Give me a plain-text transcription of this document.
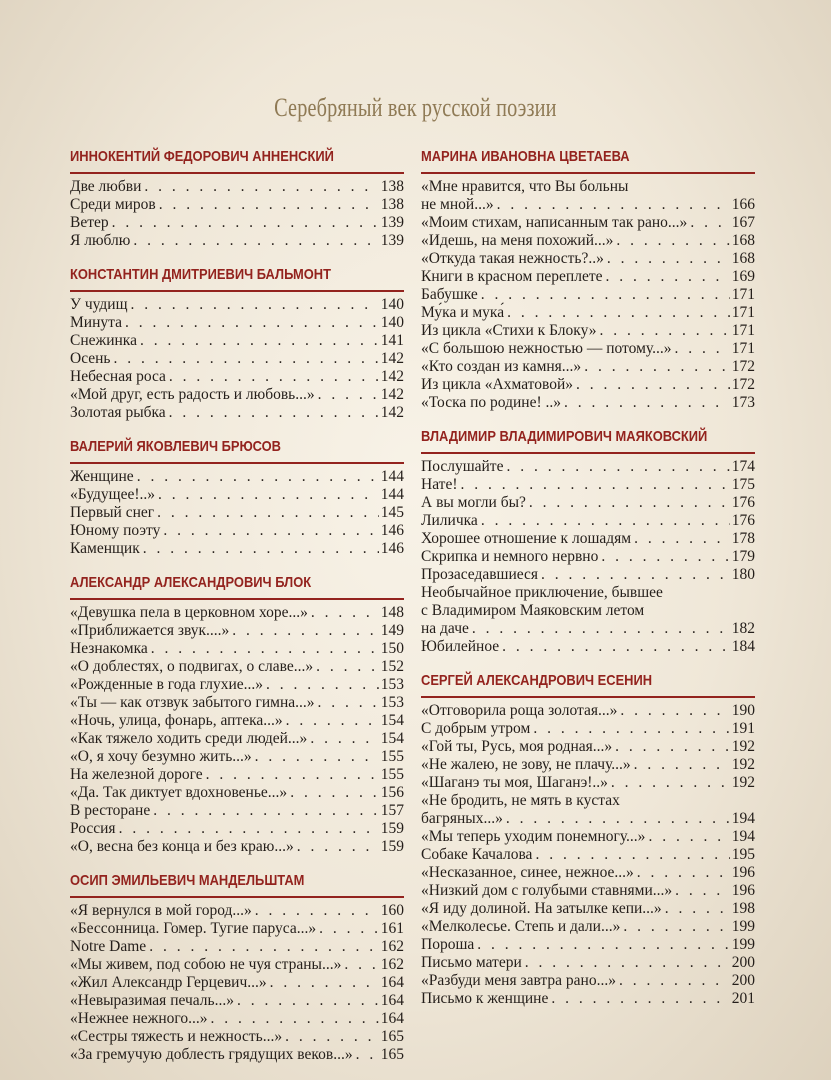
Серебряный век русской поэзии
ИННОКЕНТИЙ ФЕДОРОВИЧ АННЕНСКИЙ
Две любви . . .	138
Среди миров . . .	138
Ветер . . .	139
Я люблю . . .	139
КОНСТАНТИН ДМИТРИЕВИЧ БАЛЬМОНТ
У чудищ . . .	140
Минута . . .	140
Снежинка . . .	141
Осень . . .	142
Небесная роса . . .	142
«Мой друг, есть радость и любовь...» . . .	142
Золотая рыбка . . .	142
ВАЛЕРИЙ ЯКОВЛЕВИЧ БРЮСОВ
Женщине . . .	144
«Будущее!..» . . .	144
Первый снег . . .	145
Юному поэту . . .	146
Каменщик . . .	146
АЛЕКСАНДР АЛЕКСАНДРОВИЧ БЛОК
«Девушка пела в церковном хоре...» . . .	148
«Приближается звук....» . . .	149
Незнакомка . . .	150
«О доблестях, о подвигах, о славе...» . . .	152
«Рожденные в года глухие...» . . .	153
«Ты — как отзвук забытого гимна...» . . .	153
«Ночь, улица, фонарь, аптека...» . . .	154
«Как тяжело ходить среди людей...» . . .	154
«О, я хочу безумно жить...» . . .	155
На железной дороге . . .	155
«Да. Так диктует вдохновенье...» . . .	156
В ресторане . . .	157
Россия . . .	159
«О, весна без конца и без краю...» . . .	159
ОСИП ЭМИЛЬЕВИЧ МАНДЕЛЬШТАМ
«Я вернулся в мой город...» . . .	160
«Бессонница. Гомер. Тугие паруса...» . . .	161
Notre Dame . . .	162
«Мы живем, под собою не чуя страны...» . . .	162
«Жил Александр Герцевич...» . . .	164
«Невыразимая печаль...» . . .	164
«Нежнее нежного...» . . .	164
«Сестры тяжесть и нежность...» . . .	165
«За гремучую доблесть грядущих веков...» . . . 165
МАРИНА ИВАНОВНА ЦВЕТАЕВА
«Мне нравится, что Вы больны
не мной...» . . .	166
«Моим стихам, написанным так рано...» . . .	167
«Идешь, на меня похожий...» . . .	168
«Откуда такая нежность?..» . . .	168
Книги в красном переплете . . .	169
Бабушке . . .	171
Му́ка и мука́ . . .	171
Из цикла «Стихи к Блоку» . . .	171
«С большою нежностью — потому...» . . .	171
«Кто создан из камня...» . . .	172
Из цикла «Ахматовой» . . .	172
«Тоска по родине! ..» . . .	173
ВЛАДИМИР ВЛАДИМИРОВИЧ МАЯКОВСКИЙ
Послушайте . . .	174
Нате! . . .	175
А вы могли бы? . . .	176
Лиличка . . .	176
Хорошее отношение к лошадям . . .	178
Скрипка и немного нервно . . .	179
Прозаседавшиеся . . .	180
Необычайное приключение, бывшее
с Владимиром Маяковским летом
на даче . . .	182
Юбилейное . . .	184
СЕРГЕЙ АЛЕКСАНДРОВИЧ ЕСЕНИН
«Отговорила роща золотая...» . . .	190
С добрым утром . . .	191
«Гой ты, Русь, моя родная...» . . .	192
«Не жалею, не зову, не плачу...» . . .	192
«Шаганэ ты моя, Шаганэ!..» . . .	192
«Не бродить, не мять в кустах
багряных...» . . .	194
«Мы теперь уходим понемногу...» . . .	194
Собаке Качалова . . .	195
«Несказанное, синее, нежное...» . . .	196
«Низкий дом с голубыми ставнями...» . . .	196
«Я иду долиной. На затылке кепи...» . . .	198
«Мелколесье. Степь и дали...» . . .	199
Пороша . . .	199
Письмо матери . . .	200
«Разбуди меня завтра рано...» . . .	200
Письмо к женщине . . .	201
